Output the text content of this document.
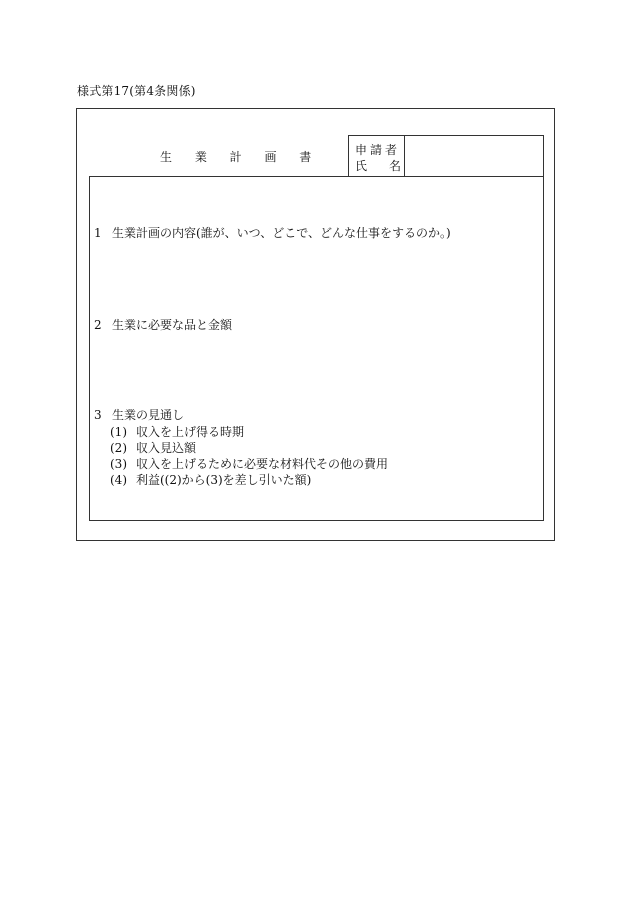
様式第17(第4条関係)
生 業 計 画 書	申請者
氏名
1 生業計画の内容(誰が、いつ、どこで、どんな仕事をするのか。)
2 生業に必要な品と金額
3 生業の見通し
(1) 収入を上げ得る時期
(2) 収入見込額
(3) 収入を上げるために必要な材料代その他の費用
(4) 利益((2)から(3)を差し引いた額)
